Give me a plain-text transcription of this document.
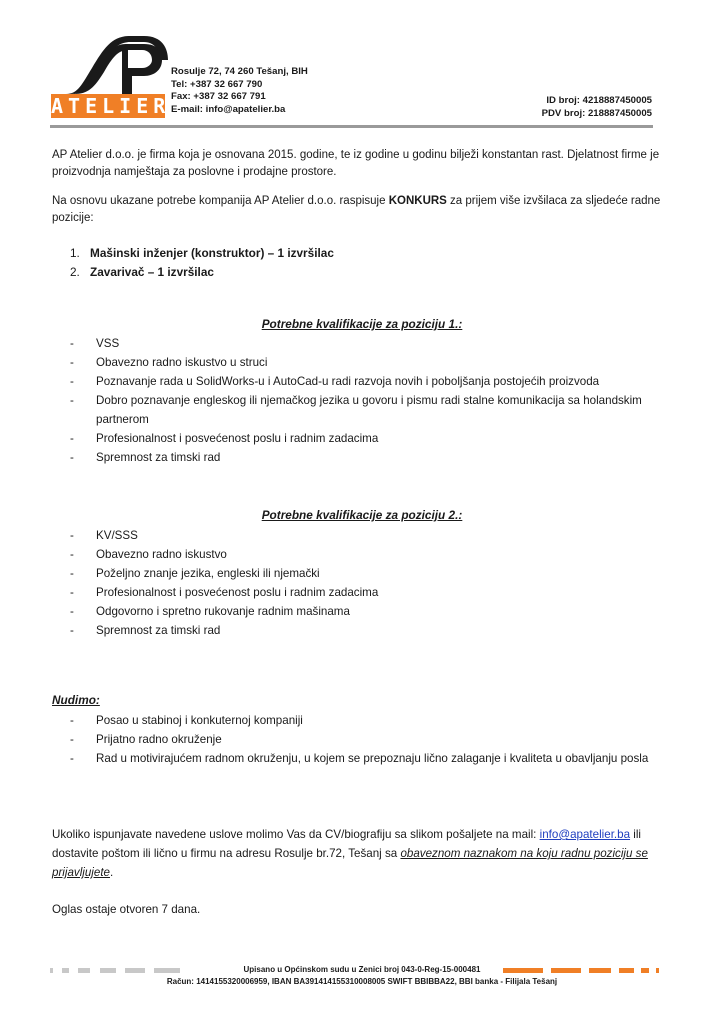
ATELIER
Rosulje 72, 74 260 Tešanj, BIH
Tel: +387 32 667 790
Fax: +387 32 667 791
E-mail: info@apatelier.ba
ID broj: 4218887450005
PDV broj: 218887450005

AP Atelier d.o.o. je firma koja je osnovana 2015. godine, te iz godine u godinu bilježi konstantan rast. Djelatnost firme je proizvodnja namještaja za poslovne i prodajne prostore.

Na osnovu ukazane potrebe kompanija AP Atelier d.o.o. raspisuje KONKURS za prijem više izvšilaca za sljedeće radne pozicije:

1. Mašinski inženjer (konstruktor) – 1 izvršilac
2. Zavarivač – 1 izvršilac
Potrebne kvalifikacije za poziciju 1.:
- VSS
- Obavezno radno iskustvo u struci
- Poznavanje rada u SolidWorks-u i AutoCad-u radi razvoja novih i poboljšanja postojećih proizvoda
- Dobro poznavanje engleskog ili njemačkog jezika u govoru i pismu radi stalne komunikacija sa holandskim partnerom
- Profesionalnost i posvećenost poslu i radnim zadacima
- Spremnost za timski rad
Potrebne kvalifikacije za poziciju 2.:
- KV/SSS
- Obavezno radno iskustvo
- Poželjno znanje jezika, engleski ili njemački
- Profesionalnost i posvećenost poslu i radnim zadacima
- Odgovorno i spretno rukovanje radnim mašinama
- Spremnost za timski rad
Nudimo:
- Posao u stabinoj i konkuternoj kompaniji
- Prijatno radno okruženje
- Rad u motivirajućem radnom okruženju, u kojem se prepoznaju lično zalaganje i kvaliteta u obavljanju posla

Ukoliko ispunjavate navedene uslove molimo Vas da CV/biografiju sa slikom pošaljete na mail: info@apatelier.ba ili dostavite poštom ili lično u firmu na adresu Rosulje br.72, Tešanj sa obaveznom naznakom na koju radnu poziciju se prijavljujete.

Oglas ostaje otvoren 7 dana.

Upisano u Općinskom sudu u Zenici broj 043-0-Reg-15-000481
Račun: 1414155320006959, IBAN BA391414155310008005 SWIFT BBIBBA22, BBI banka - Filijala Tešanj
